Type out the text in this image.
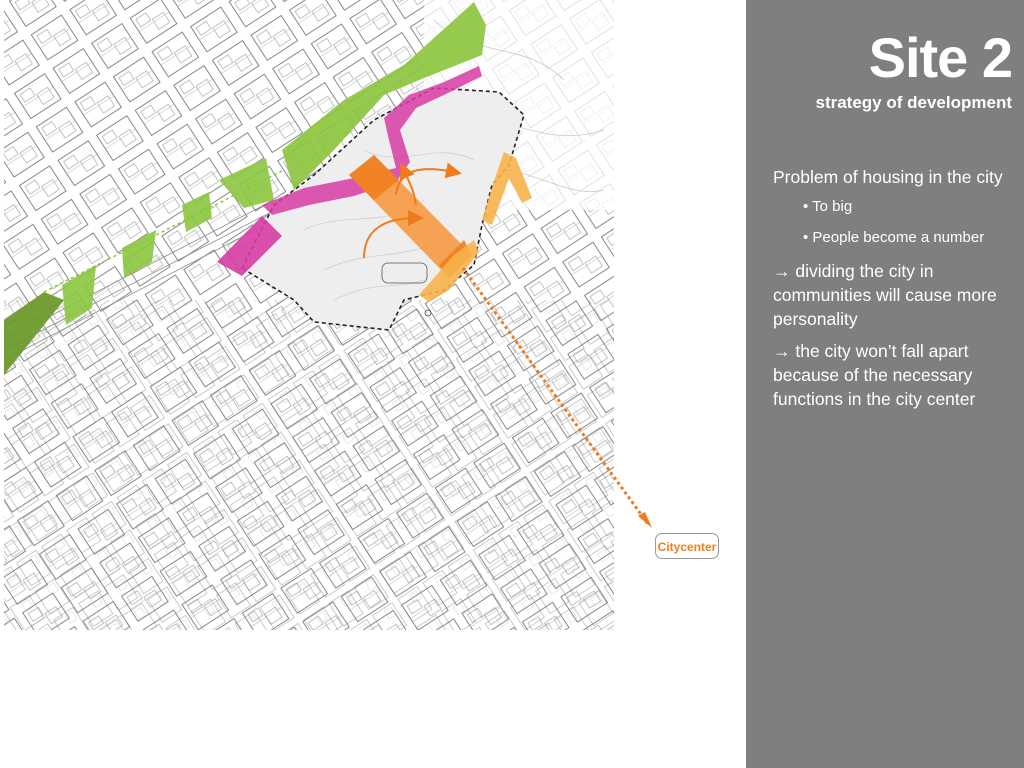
Citycenter
Site 2
strategy of development

Problem of housing in the city

• To big
• People become a number

→ dividing the city in communities will cause more personality

→ the city won’t fall apart because of the necessary functions in the city center
